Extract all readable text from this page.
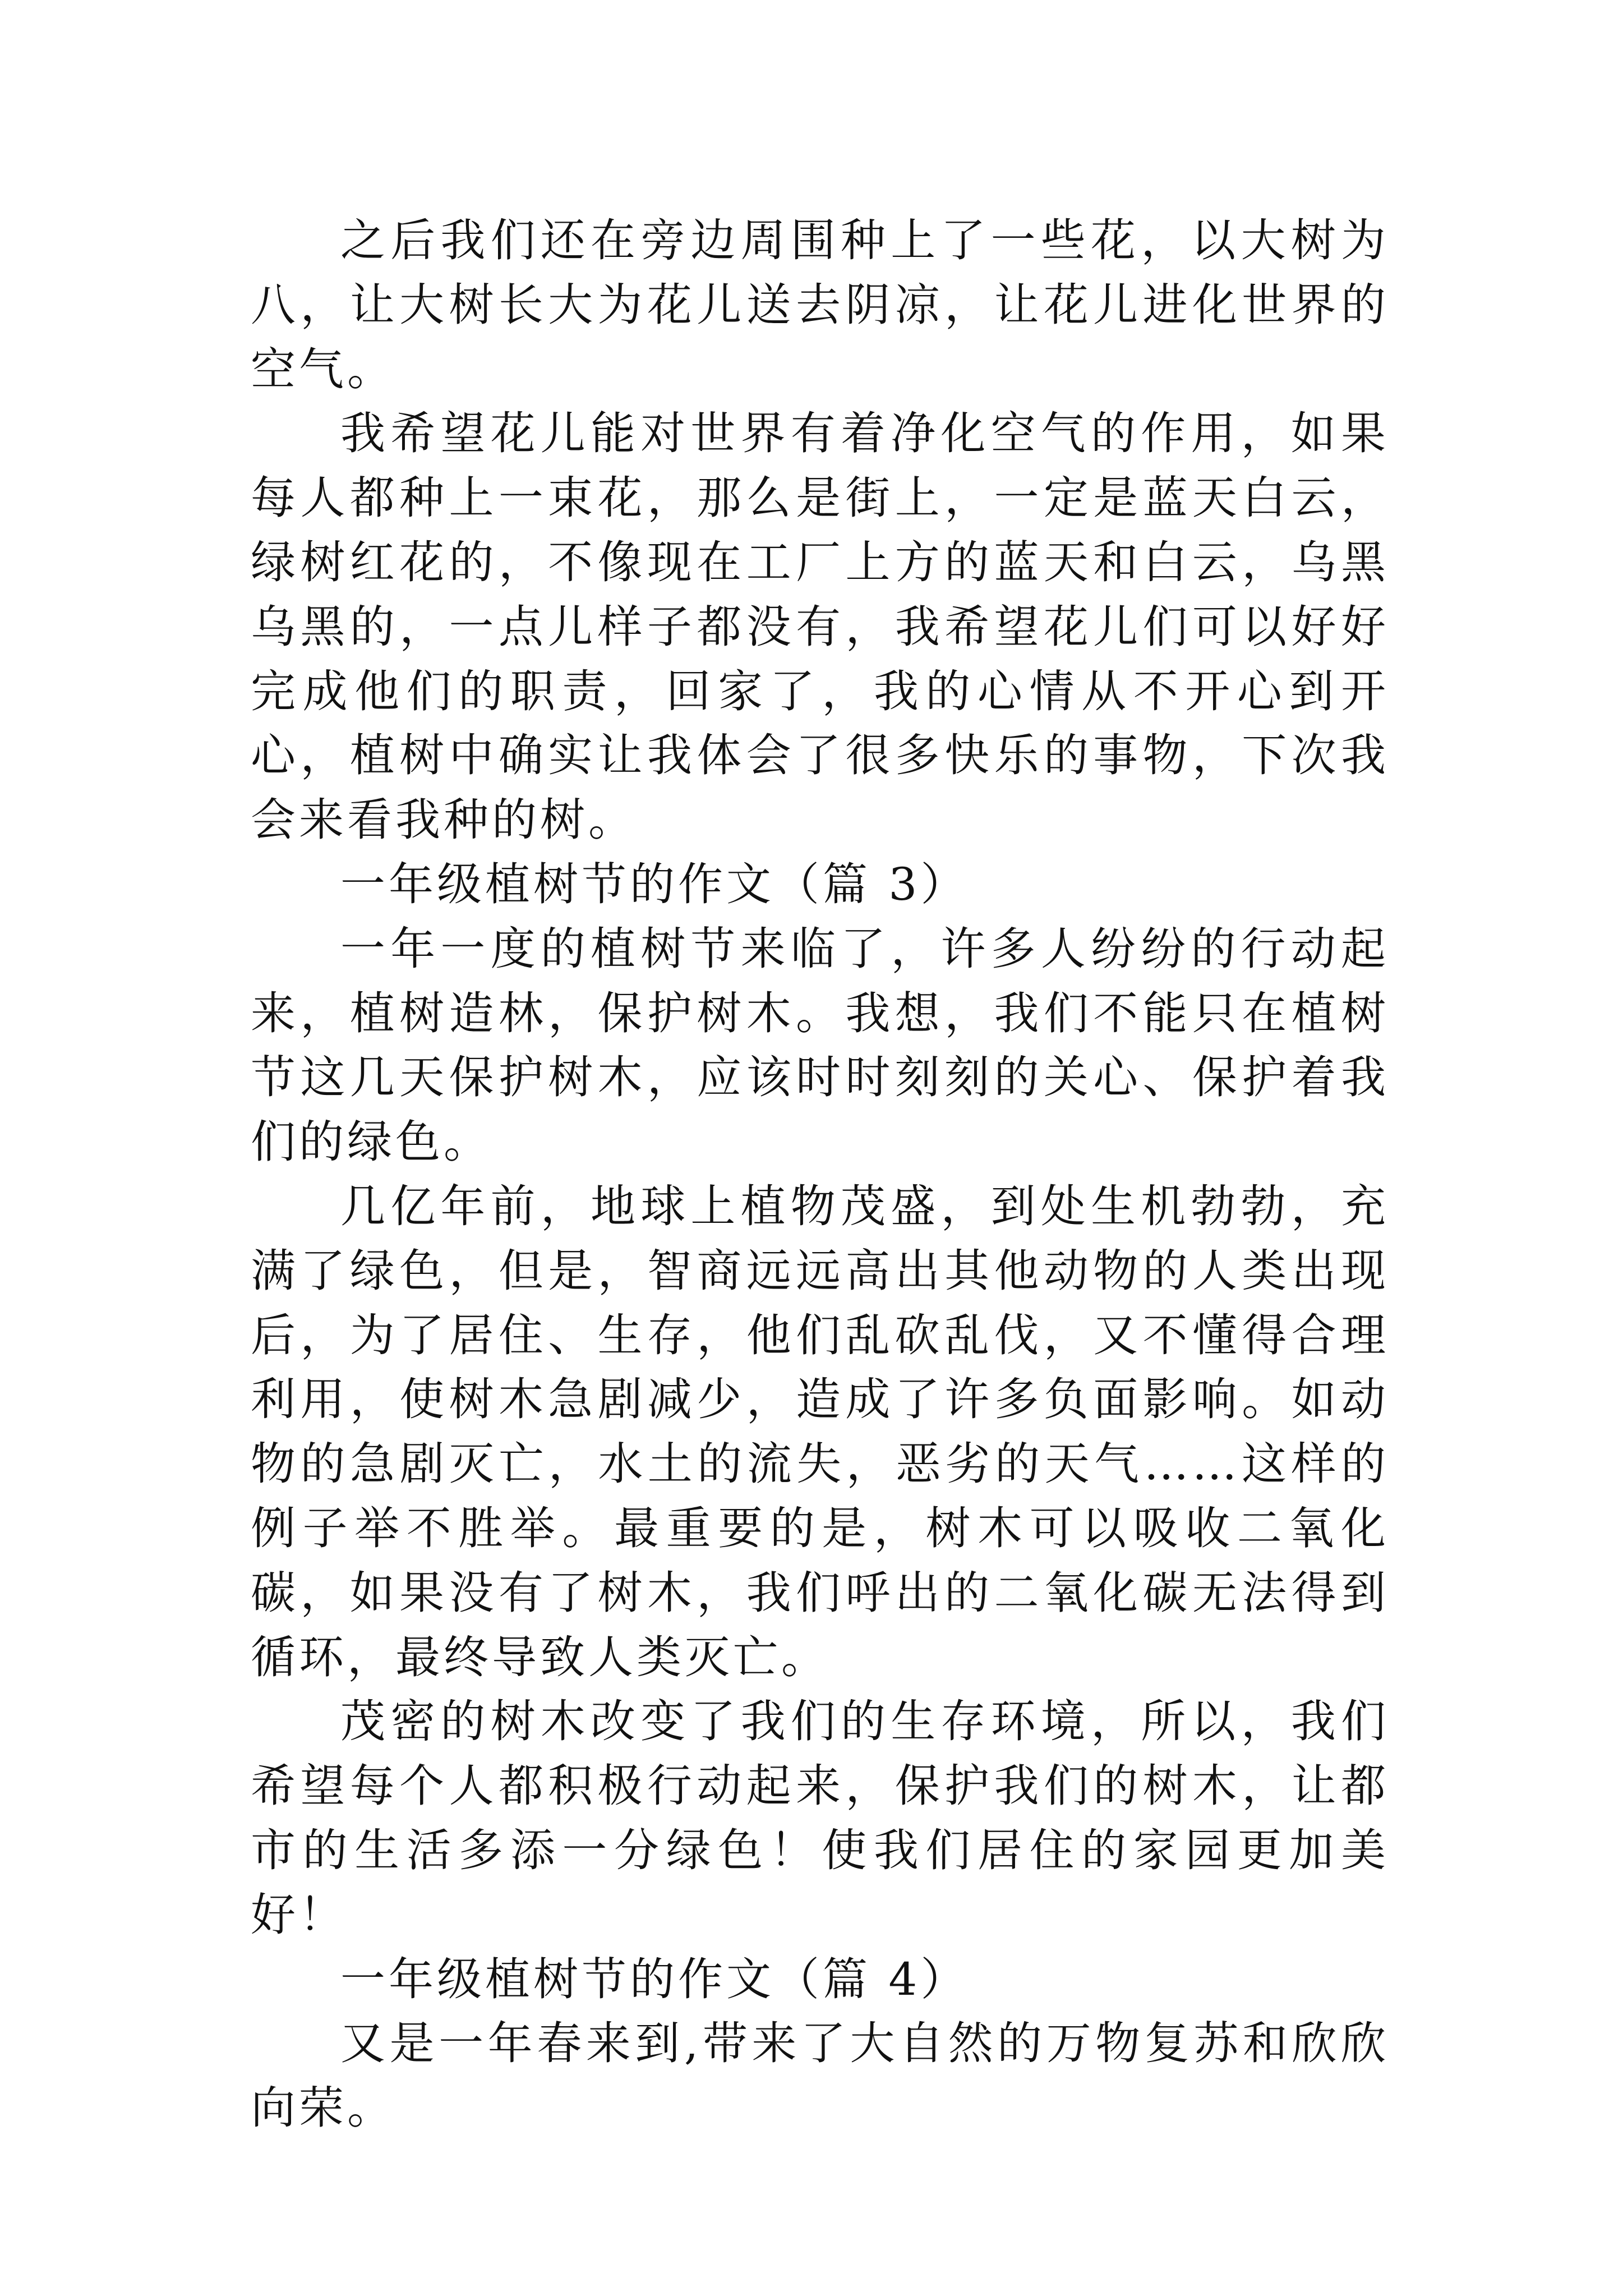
之后我们还在旁边周围种上了一些花，以大树为八，让大树长大为花儿送去阴凉，让花儿进化世界的空气。

我希望花儿能对世界有着净化空气的作用，如果每人都种上一束花，那么是街上，一定是蓝天白云，绿树红花的，不像现在工厂上方的蓝天和白云，乌黑乌黑的，一点儿样子都没有，我希望花儿们可以好好完成他们的职责，回家了，我的心情从不开心到开心，植树中确实让我体会了很多快乐的事物，下次我会来看我种的树。

一年级植树节的作文（篇 3）

一年一度的植树节来临了，许多人纷纷的行动起来，植树造林，保护树木。我想，我们不能只在植树节这几天保护树木，应该时时刻刻的关心、保护着我们的绿色。

几亿年前，地球上植物茂盛，到处生机勃勃，充满了绿色，但是，智商远远高出其他动物的人类出现后，为了居住、生存，他们乱砍乱伐，又不懂得合理利用，使树木急剧减少，造成了许多负面影响。如动物的急剧灭亡，水土的流失，恶劣的天气……这样的例子举不胜举。最重要的是，树木可以吸收二氧化碳，如果没有了树木，我们呼出的二氧化碳无法得到循环，最终导致人类灭亡。

茂密的树木改变了我们的生存环境，所以，我们希望每个人都积极行动起来，保护我们的树木，让都市的生活多添一分绿色！使我们居住的家园更加美好！

一年级植树节的作文（篇 4）

又是一年春来到,带来了大自然的万物复苏和欣欣向荣。
